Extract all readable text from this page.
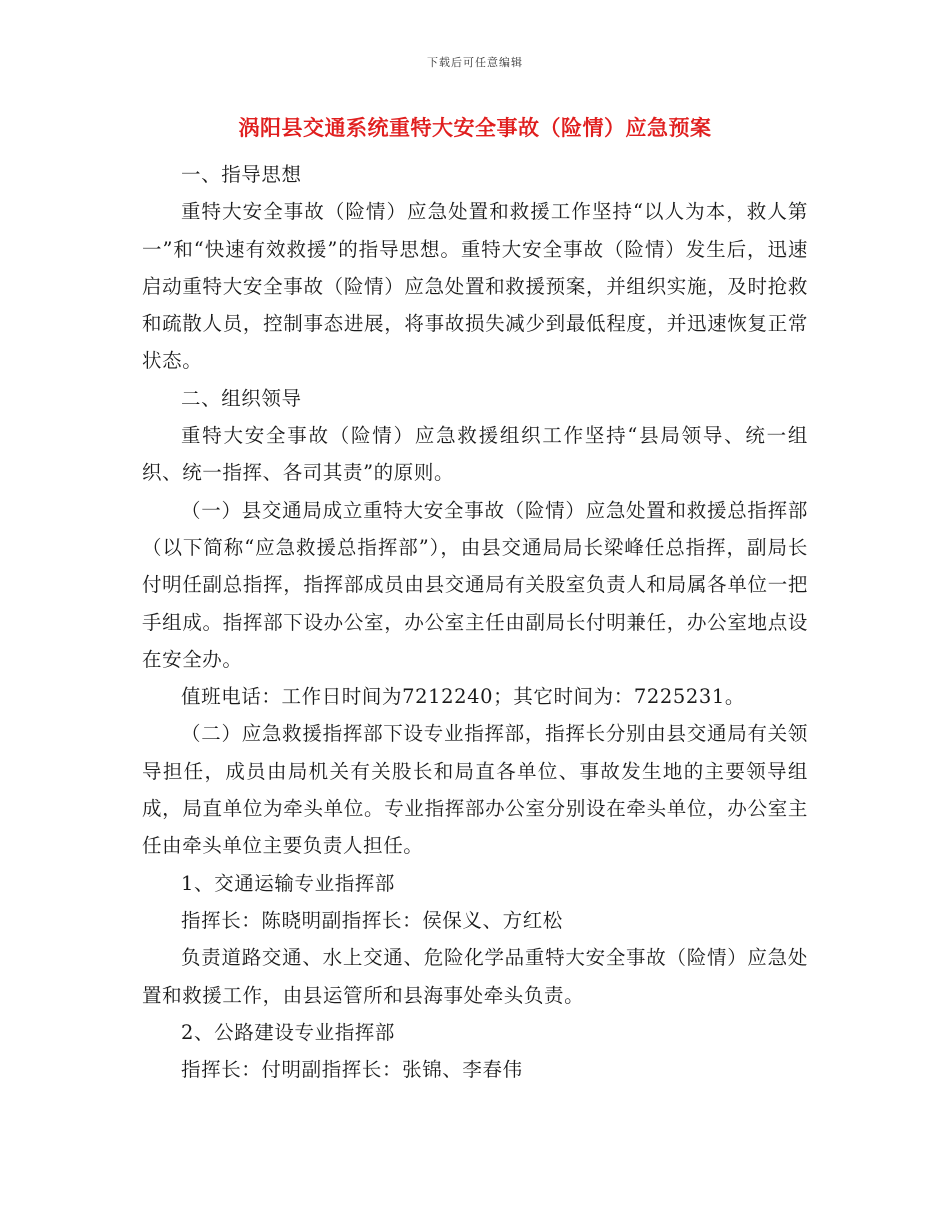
下载后可任意编辑
涡阳县交通系统重特大安全事故（险情）应急预案

一、指导思想

重特大安全事故（险情）应急处置和救援工作坚持“以人为本，救人第一”和“快速有效救援”的指导思想。重特大安全事故（险情）发生后，迅速启动重特大安全事故（险情）应急处置和救援预案，并组织实施，及时抢救和疏散人员，控制事态进展，将事故损失减少到最低程度，并迅速恢复正常状态。

二、组织领导

重特大安全事故（险情）应急救援组织工作坚持“县局领导、统一组织、统一指挥、各司其责”的原则。

（一）县交通局成立重特大安全事故（险情）应急处置和救援总指挥部（以下简称“应急救援总指挥部”），由县交通局局长梁峰任总指挥，副局长付明任副总指挥，指挥部成员由县交通局有关股室负责人和局属各单位一把手组成。指挥部下设办公室，办公室主任由副局长付明兼任，办公室地点设在安全办。

值班电话：工作日时间为7212240；其它时间为：7225231。

（二）应急救援指挥部下设专业指挥部，指挥长分别由县交通局有关领导担任，成员由局机关有关股长和局直各单位、事故发生地的主要领导组成，局直单位为牵头单位。专业指挥部办公室分别设在牵头单位，办公室主任由牵头单位主要负责人担任。

1、交通运输专业指挥部

指挥长：陈晓明副指挥长：侯保义、方红松

负责道路交通、水上交通、危险化学品重特大安全事故（险情）应急处置和救援工作，由县运管所和县海事处牵头负责。

2、公路建设专业指挥部

指挥长：付明副指挥长：张锦、李春伟
